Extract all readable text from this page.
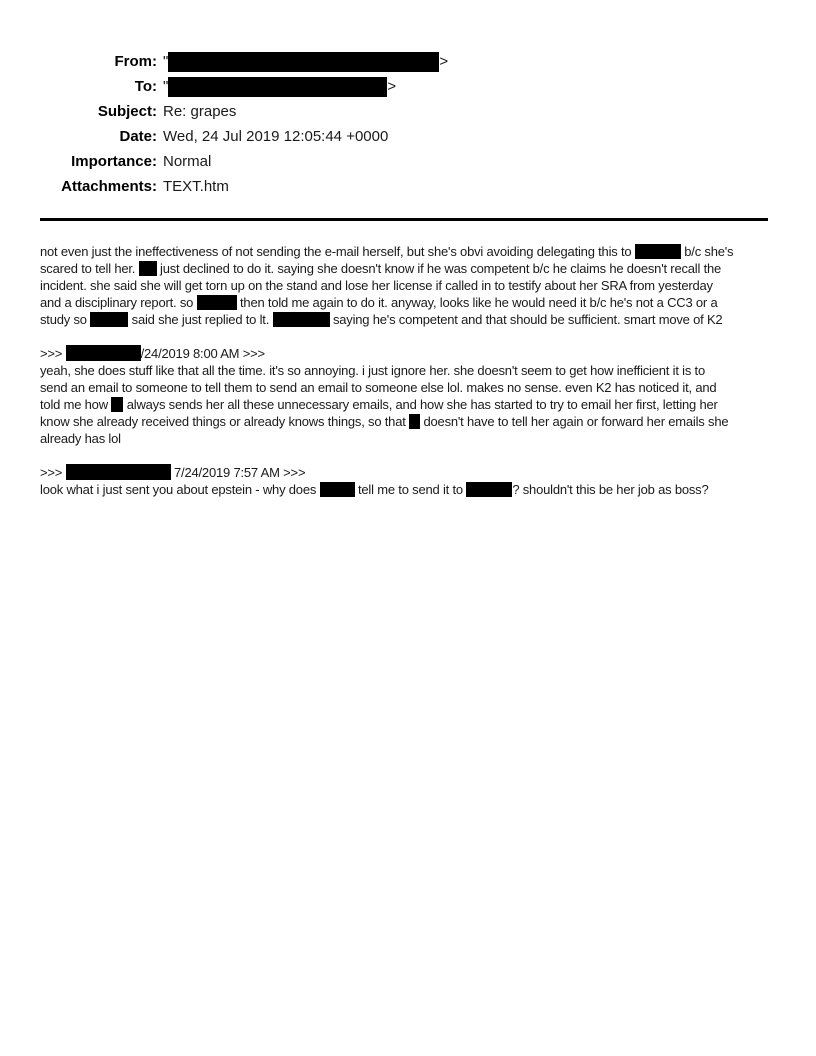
From: "	>
To: "	>
Subject: Re: grapes
Date: Wed, 24 Jul 2019 12:05:44 +0000
Importance: Normal
Attachments: TEXT.htm
not even just the ineffectiveness of not sending the e-mail herself, but she's obvi avoiding delegating this to	b/c she's
scared to tell her.  just declined to do it. saying she doesn't know if he was competent b/c he claims he doesn't recall the
incident. she said she will get torn up on the stand and lose her license if called in to testify about her SRA from yesterday
and a disciplinary report. so	then told me again to do it. anyway, looks like he would need it b/c he's not a CC3 or a
study so	said she just replied to lt.	saying he's competent and that should be sufficient. smart move of K2

>>>	/24/2019 8:00 AM >>>
yeah, she does stuff like that all the time. it's so annoying. i just ignore her. she doesn't seem to get how inefficient it is to
send an email to someone to tell them to send an email to someone else lol. makes no sense. even K2 has noticed it, and
told me how  always sends her all these unnecessary emails, and how she has started to try to email her first, letting her
know she already received things or already knows things, so that  doesn't have to tell her again or forward her emails she
already has lol

>>>	7/24/2019 7:57 AM >>>
look what i just sent you about epstein - why does	tell me to send it to	? shouldn't this be her job as boss?
